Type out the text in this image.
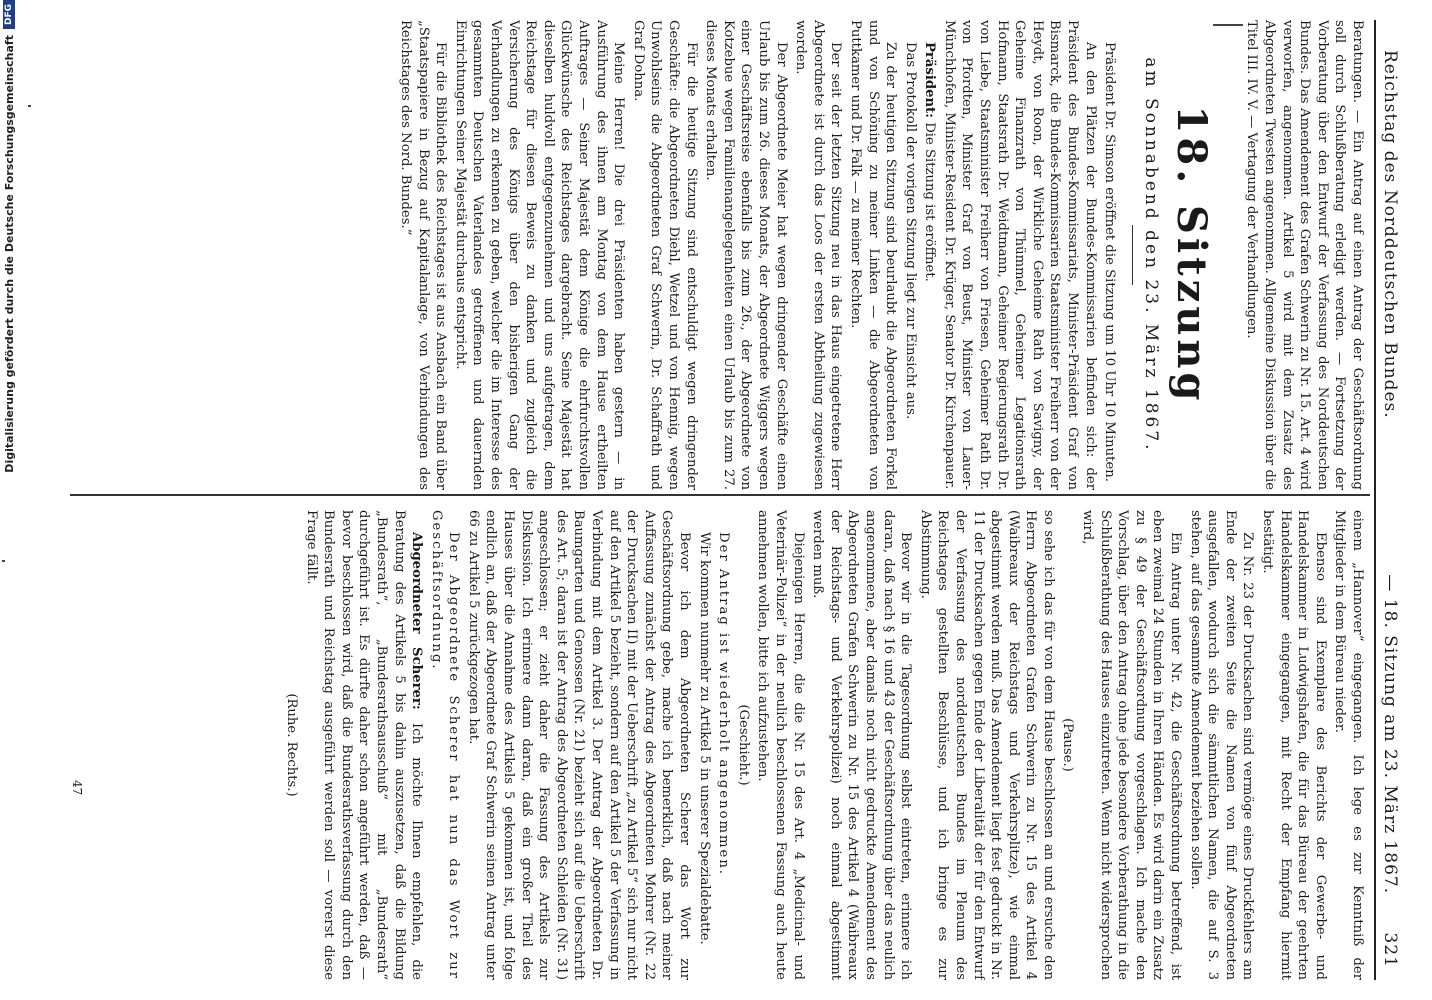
Reichstag des Norddeutschen Bundes.
— 18. Sitzung am 23. März 1867.      321

Beratungen. — Ein Antrag auf einen Antrag der Geschäftsordnung soll durch Schlußberatung erledigt werden. — Fortsetzung der Vorberatung über den Entwurf der Verfassung des Norddeutschen Bundes. Das Amendement des Grafen Schwerin zu Nr. 15. Art. 4 wird verworfen, angenommen. Artikel 5 wird mit dem Zusatz des Abgeordneten Twesten angenommen. Allgemeine Diskussion über die Titel III. IV. V. — Vertagung der Verhandlungen.

18. Sitzung
am Sonnabend den 23. März 1867.

Präsident Dr. Simson eröffnet die Sitzung um 10 Uhr 10 Minuten.

An den Plätzen der Bundes-Kommissarien befinden sich: der Präsident des Bundes-Kommissariats, Minister-Präsident Graf von Bismarck, die Bundes-Kommissarien Staatsminister Freiherr von der Heydt, von Roon, der Wirkliche Geheime Rath von Savigny, der Geheime Finanzrath von Thümmel, Geheimer Legationsrath Hofmann, Staatsrath Dr. Weidtmann, Geheimer Regierungsrath Dr. von Liebe, Staatsminister Freiherr von Friesen, Geheimer Rath Dr. von Pfordten, Minister Graf von Beust, Minister von Lauer-Münchhofen, Minister-Resident Dr. Krüger, Senator Dr. Kirchenpauer.

Präsident: Die Sitzung ist eröffnet.

Das Protokoll der vorigen Sitzung liegt zur Einsicht aus.

Zu der heutigen Sitzung sind beurlaubt die Abgeordneten Forkel und von Schöning zu meiner Linken — die Abgeordneten von Puttkamer und Dr. Falk — zu meiner Rechten.

Der seit der letzten Sitzung neu in das Haus eingetretene Herr Abgeordnete ist durch das Loos der ersten Abtheilung zugewiesen worden.

Der Abgeordnete Meier hat wegen dringender Geschäfte einen Urlaub bis zum 26. dieses Monats, der Abgeordnete Wiggers wegen einer Geschäftsreise ebenfalls bis zum 26., der Abgeordnete von Kotzebue wegen Familienangelegenheiten einen Urlaub bis zum 27. dieses Monats erhalten.

Für die heutige Sitzung sind entschuldigt wegen dringender Geschäfte: die Abgeordneten Diehl, Wetzel und von Hennig, wegen Unwohlseins die Abgeordneten Graf Schwerin, Dr. Schaffrath und Graf Dohna.

Meine Herren! Die drei Präsidenten haben gestern — in Ausführung des ihnen am Montag von dem Hause ertheilten Auftrages — Seiner Majestät dem Könige die ehrfurchtsvollen Glückwünsche des Reichstages dargebracht. Seine Majestät hat dieselben huldvoll entgegenzunehmen und uns aufgetragen, dem Reichstage für diesen Beweis zu danken und zugleich die Versicherung des Königs über den bisherigen Gang der Verhandlungen zu erkennen zu geben, welcher die im Interesse des gesammten Deutschen Vaterlandes getroffenen und dauernden Einrichtungen Seiner Majestät durchaus entspricht.

Für die Bibliothek des Reichstages ist aus Ansbach ein Band über „Staatspapiere in Bezug auf Kapitalanlage, von Verbindungen des Reichstages des Nord. Bundes.“

einem „Hannover“ eingegangen. Ich lege es zur Kenntniß der Mitglieder in dem Büreau nieder.

Ebenso sind Exemplare des Berichts der Gewerbe- und Handelskammer in Ludwigshafen, die für das Büreau der geehrten Handelskammer eingegangen, mit Recht der Empfang hiermit bestätigt.

Zu Nr. 23 der Drucksachen sind vermöge eines Druckfehlers am Ende der zweiten Seite die Namen von fünf Abgeordneten ausgefallen, wodurch sich die sämmtlichen Namen, die auf S. 3 stehen, auf das gesammte Amendement beziehen sollen.

Ein Antrag unter Nr. 42, die Geschäftsordnung betreffend, ist eben zweimal 24 Stunden in Ihren Händen. Es wird darin ein Zusatz zu § 49 der Geschäftsordnung vorgeschlagen. Ich mache den Vorschlag, über den Antrag ohne jede besondere Vorberathung in die Schlußberathung des Hauses einzutreten. Wenn nicht widersprochen wird,

(Pause.)

so sehe ich das für von dem Hause beschlossen an und ersuche den Herrn Abgeordneten Grafen Schwerin zu Nr. 15 des Artikel 4 (Waibreaux der Reichstags und Verkehrsplitze), wie einmal abgestimmt werden muß. Das Amendement liegt fest gedruckt in Nr. 11 der Drucksachen gegen Ende der Liberalität der für den Entwurf der Verfassung des norddeutschen Bundes im Plenum des Reichstages gestellten Beschlüsse, und ich bringe es zur Abstimmung.

Bevor wir in die Tagesordnung selbst eintreten, erinnere ich daran, daß nach § 16 und 43 der Geschäftsordnung über das neulich angenommene, aber damals noch nicht gedruckte Amendement des Abgeordneten Grafen Schwerin zu Nr. 15 des Artikel 4 (Waibreaux der Reichstags- und Verkehrspolizei) noch einmal abgestimmt werden muß.

Diejenigen Herren, die die Nr. 15 des Art. 4 „Medicinal- und Veterinär-Polizei“ in der neulich beschlossenen Fassung auch heute annehmen wollen, bitte ich aufzustehen.

(Geschieht.)

Der Antrag ist wiederholt angenommen.

Wir kommen nunmehr zu Artikel 5 in unserer Spezialdebatte.

Bevor ich dem Abgeordneten Scherer das Wort zur Geschäftsordnung gebe, mache ich bemerklich, daß nach meiner Auffassung zunächst der Antrag des Abgeordneten Mohrer (Nr. 22 der Drucksachen II) mit der Ueberschrift „zu Artikel 5“ sich nur nicht auf den Artikel 5 bezieht, sondern auf den Artikel 5 der Verfassung in Verbindung mit dem Artikel 3. Der Antrag der Abgeordneten Dr. Baumgarten und Genossen (Nr. 21) bezieht sich auf die Ueberschrift des Art. 5; daran ist der Antrag des Abgeordneten Schleiden (Nr. 31) angeschlossen; er zieht daher die Fassung des Artikels zur Diskussion. Ich erinnere dann daran, daß ein großer Theil des Hauses über die Annahme des Artikels 5 gekommen ist, und folge endlich an, daß der Abgeordnete Graf Schwerin seinen Antrag unter 66 zu Artikel 5 zurückgezogen hat.

Der Abgeordnete Scherer hat nun das Wort zur Geschäftsordnung.

Abgeordneter Scherer: Ich möchte Ihnen empfehlen, die Beratung des Artikels 5 bis dahin auszusetzen, daß die Bildung „Bundesrath“, „Bundesrathsausschuß“ mit „Bundesrath“ durchgeführt ist. Es dürfte daher schon angeführt werden, daß — bevor beschlossen wird, daß die Bundesrathsverfassung durch den Bundesrath und Reichstag ausgeführt werden soll — vorerst diese Frage fällt.

(Ruhe. Rechts.)

47
Digitalisierung gefördert durch die Deutsche Forschungsgemeinschaft
DFG
